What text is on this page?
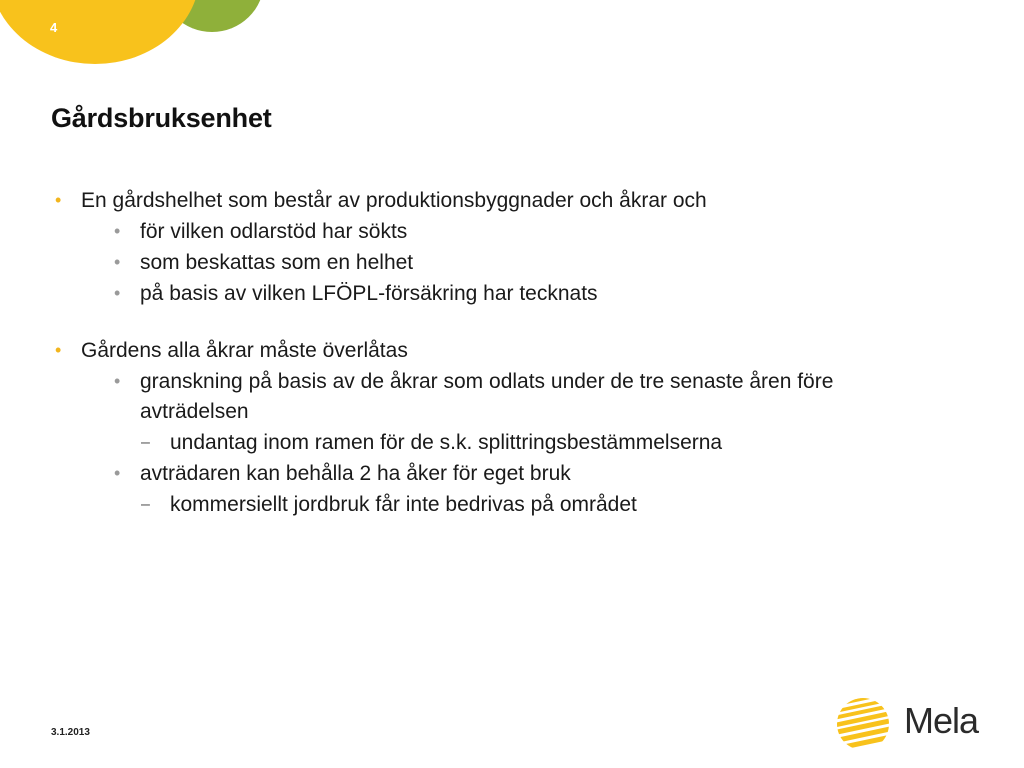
4
Gårdsbruksenhet
• En gårdshelhet som består av produktionsbyggnader och åkrar och
• för vilken odlarstöd har sökts
• som beskattas som en helhet
• på basis av vilken LFÖPL-försäkring har tecknats
• Gårdens alla åkrar måste överlåtas
• granskning på basis av de åkrar som odlats under de tre senaste åren före
avträdelsen
– undantag inom ramen för de s.k. splittringsbestämmelserna
• avträdaren kan behålla 2 ha åker för eget bruk
– kommersiellt jordbruk får inte bedrivas på området
3.1.2013	Mela
